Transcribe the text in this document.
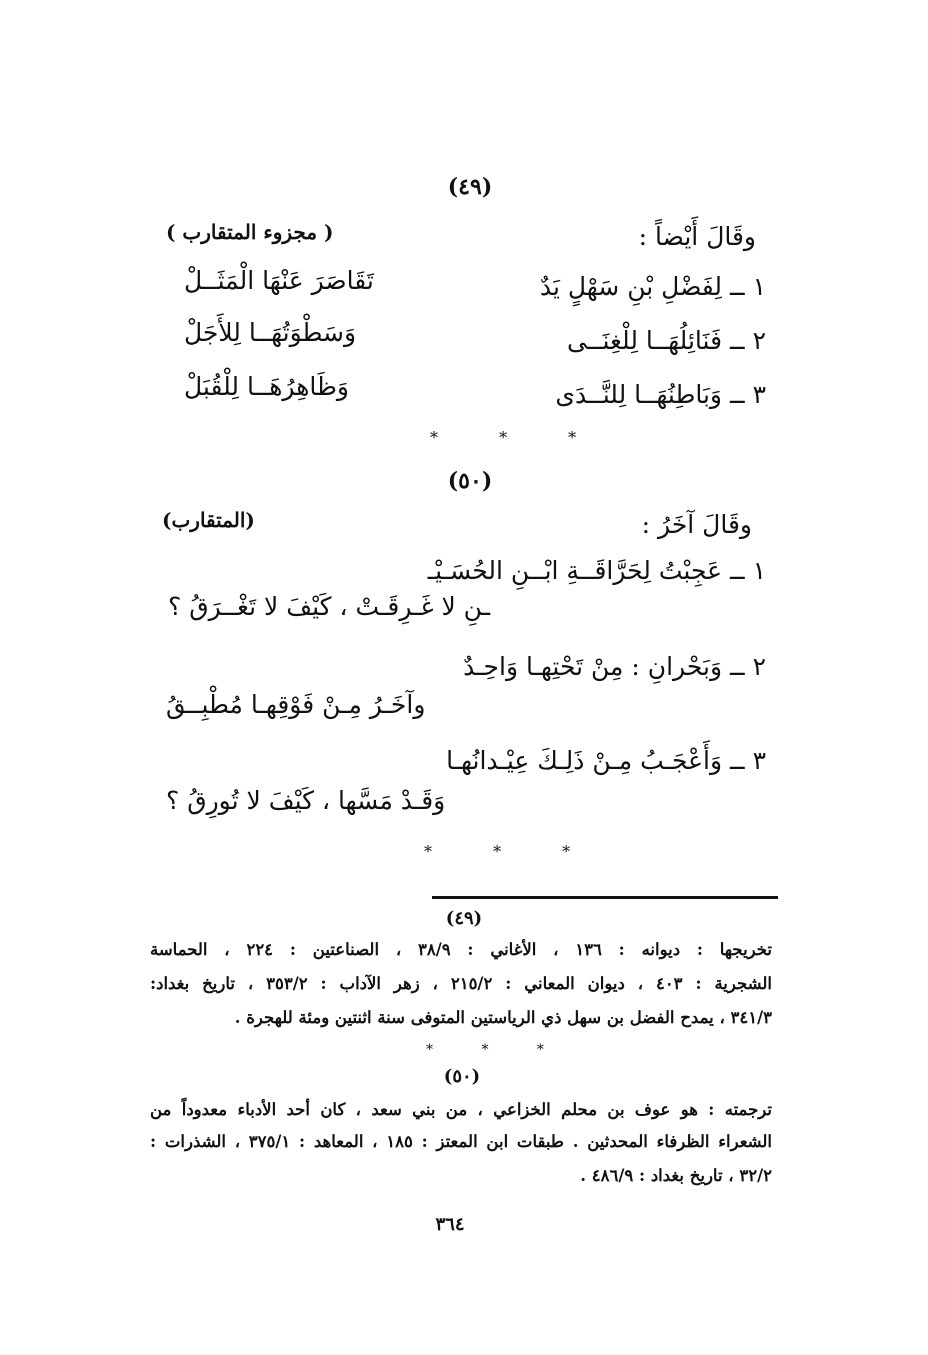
(٤٩)
وقَالَ أَيْضاً :
( مجزوء المتقارب )
١ ــ لِفَضْلِ بْنِ سَهْلٍ يَدٌ
تَقَاصَرَ عَنْهَا الْمَثَــلْ
٢ ــ فَنَائِلُهَــا لِلْغِنَــى
وَسَطْوَتُهَــا لِلأَجَلْ
٣ ــ وَبَاطِنُهَــا لِلنَّــدَى
وَظَاهِرُهَــا لِلْقُبَلْ
* * *
(٥٠)
وقَالَ آخَرُ :
(المتقارب)
١ ــ عَجِبْتُ لِحَرَّاقَــةِ ابْــنِ الحُسَـيْـ
ـنِ لا غَـرِقَـتْ ، كَيْفَ لا تَغْــرَقُ ؟
٢ ــ وَبَحْرانِ : مِنْ تَحْتِهـا وَاحِـدٌ
وآخَـرُ مِـنْ فَوْقِهـا مُطْبِــقُ
٣ ــ وَأَعْجَـبُ مِـنْ ذَلِـكَ عِيْـدانُهـا
وَقَـدْ مَسَّها ، كَيْفَ لا تُورِقُ ؟
* * *
(٤٩)
تخريجها : ديوانه : ١٣٦ ، الأغاني : ٣٨/٩ ، الصناعتين : ٢٢٤ ، الحماسة
الشجرية : ٤٠٣ ، ديوان المعاني : ٢١٥/٢ ، زهر الآداب : ٣٥٣/٢ ، تاريخ بغداد:
٣٤١/٣ ، يمدح الفضل بن سهل ذي الرياستين المتوفى سنة اثنتين ومئة للهجرة .
* * *
(٥٠)
ترجمته : هو عوف بن محلم الخزاعي ، من بني سعد ، كان أحد الأدباء معدوداً من
الشعراء الظرفاء المحدثين . طبقات ابن المعتز : ١٨٥ ، المعاهد : ٣٧٥/١ ، الشذرات :
٣٢/٢ ، تاريخ بغداد : ٤٨٦/٩ .
٣٦٤
